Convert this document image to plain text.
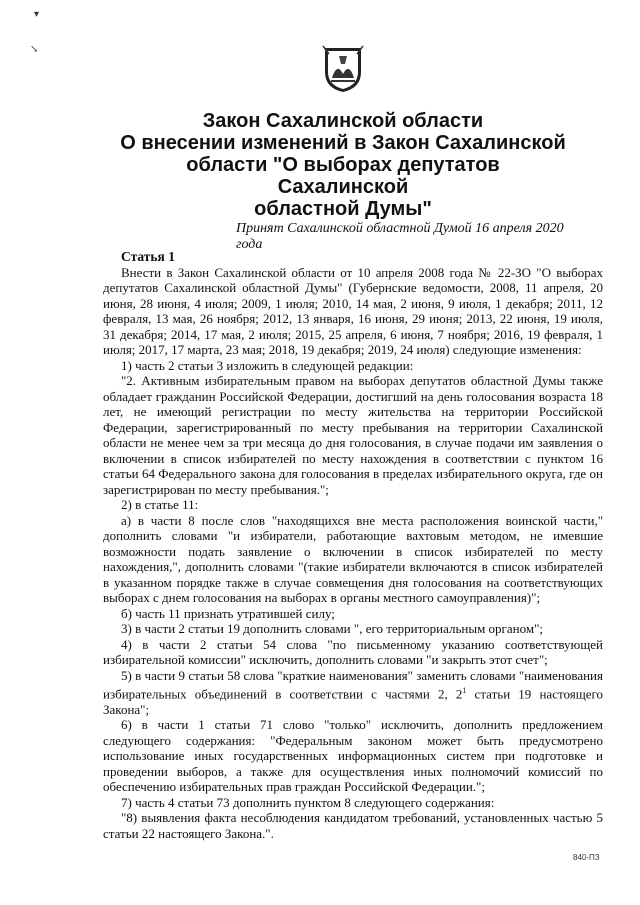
▾
↘
Закон Сахалинской области
О внесении изменений в Закон Сахалинской
области "О выборах депутатов Сахалинской
областной Думы"
Принят Сахалинской областной Думой 16 апреля 2020 года

Статья 1

Внести в Закон Сахалинской области от 10 апреля 2008 года № 22-ЗО "О выборах депутатов Сахалинской областной Думы" (Губернские ведомости, 2008, 11 апреля, 20 июня, 28 июня, 4 июля; 2009, 1 июля; 2010, 14 мая, 2 июня, 9 июля, 1 декабря; 2011, 12 февраля, 13 мая, 26 ноября; 2012, 13 января, 16 июня, 29 июня; 2013, 22 июня, 19 июля, 31 декабря; 2014, 17 мая, 2 июля; 2015, 25 апреля, 6 июня, 7 ноября; 2016, 19 февраля, 1 июля; 2017, 17 марта, 23 мая; 2018, 19 декабря; 2019, 24 июля) следующие изменения:

1) часть 2 статьи 3 изложить в следующей редакции:

"2. Активным избирательным правом на выборах депутатов областной Думы также обладает гражданин Российской Федерации, достигший на день голосования возраста 18 лет, не имеющий регистрации по месту жительства на территории Российской Федерации, зарегистрированный по месту пребывания на территории Сахалинской области не менее чем за три месяца до дня голосования, в случае подачи им заявления о включении в список избирателей по месту нахождения в соответствии с пунктом 16 статьи 64 Федерального закона для голосования в пределах избирательного округа, где он зарегистрирован по месту пребывания.";

2) в статье 11:

а) в части 8 после слов "находящихся вне места расположения воинской части," дополнить словами "и избиратели, работающие вахтовым методом, не имевшие возможности подать заявление о включении в список избирателей по месту нахождения,", дополнить словами "(такие избиратели включаются в список избирателей в указанном порядке также в случае совмещения дня голосования на соответствующих выборах с днем голосования на выборах в органы местного самоуправления)";

б) часть 11 признать утратившей силу;

3) в части 2 статьи 19 дополнить словами ", его территориальным органом";

4) в части 2 статьи 54 слова "по письменному указанию соответствующей избирательной комиссии" исключить, дополнить словами "и закрыть этот счет";

5) в части 9 статьи 58 слова "краткие наименования" заменить словами "наименования избирательных объединений в соответствии с частями 2, $2^1$ статьи 19 настоящего Закона";

6) в части 1 статьи 71 слово "только" исключить, дополнить предложением следующего содержания: "Федеральным законом может быть предусмотрено использование иных государственных информационных систем при подготовке и проведении выборов, а также для осуществления иных полномочий комиссий по обеспечению избирательных прав граждан Российской Федерации.";

7) часть 4 статьи 73 дополнить пунктом 8 следующего содержания:

"8) выявления факта несоблюдения кандидатом требований, установленных частью 5 статьи 22 настоящего Закона.".

840-ПЗ
